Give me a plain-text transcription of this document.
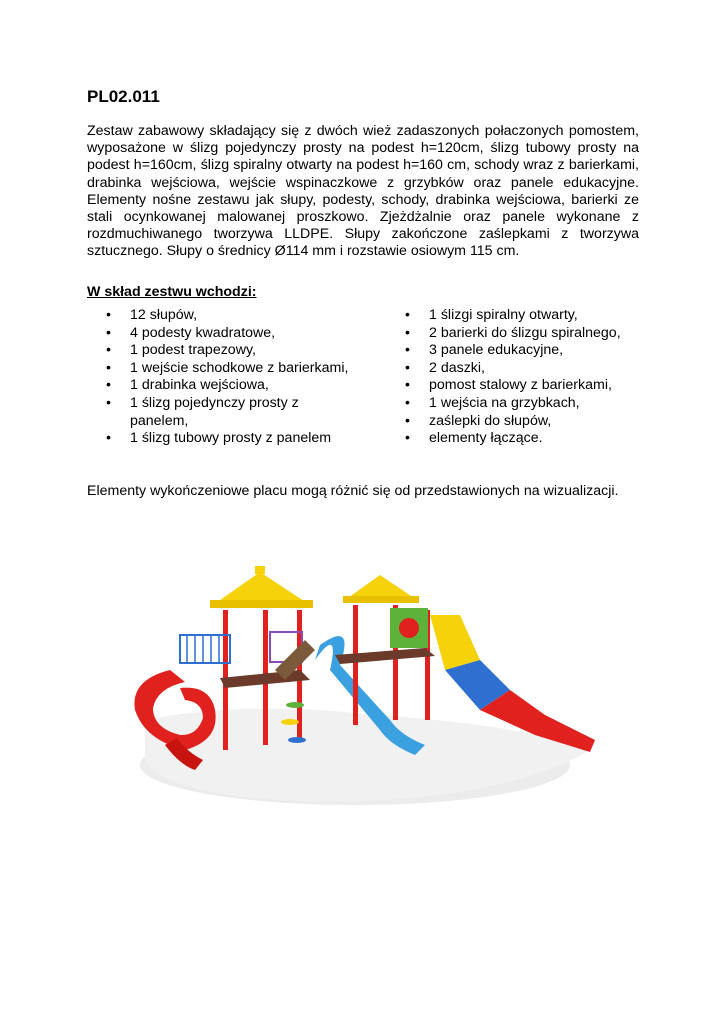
PL02.011

Zestaw zabawowy składający się z dwóch wież zadaszonych połaczonych pomostem, wyposażone w ślizg pojedynczy prosty na podest h=120cm, ślizg tubowy prosty na podest h=160cm, ślizg spiralny otwarty na podest h=160 cm, schody wraz z barierkami, drabinka wejściowa, wejście wspinaczkowe z grzybków oraz panele edukacyjne. Elementy nośne zestawu jak słupy, podesty, schody, drabinka wejściowa, barierki ze stali ocynkowanej malowanej proszkowo. Zjeżdżalnie oraz panele wykonane z rozdmuchiwanego tworzywa LLDPE. Słupy zakończone zaślepkami z tworzywa sztucznego. Słupy o średnicy Ø114 mm i rozstawie osiowym 115 cm.

W skład zestwu wchodzi:

• 12 słupów,
• 4 podesty kwadratowe,
• 1 podest trapezowy,
• 1 wejście schodkowe z barierkami,
• 1 drabinka wejściowa,
• 1 ślizg pojedynczy prosty z panelem,
• 1 ślizg tubowy prosty z panelem
• 1 ślizgi spiralny otwarty,
• 2 barierki do ślizgu spiralnego,
• 3 panele edukacyjne,
• 2 daszki,
• pomost stalowy z barierkami,
• 1 wejścia na grzybkach,
• zaślepki do słupów,
• elementy łączące.

Elementy wykończeniowe placu mogą różnić się od przedstawionych na wizualizacji.
